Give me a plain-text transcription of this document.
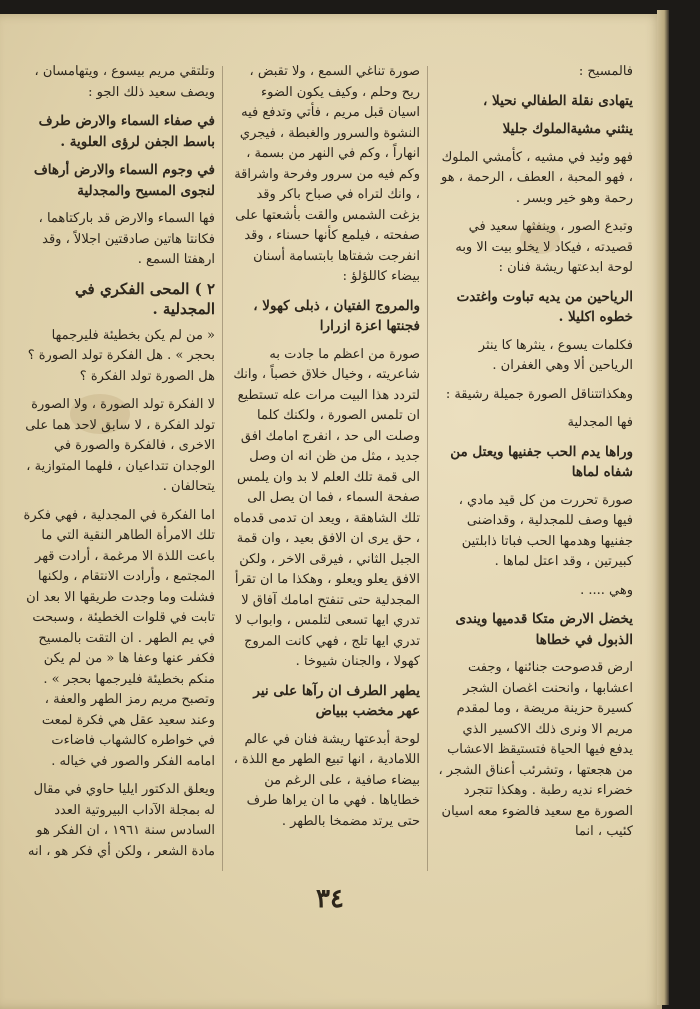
فالمسيح :

يتهادى نقلة الطفالي نحيلا ،

ينثني مشيةالملوك جليلا

فهو وئيد في مشيه ، كأمشي الملوك ، فهو المحبة ، العطف ، الرحمة ، هو رحمة وهو خير وبسر .

وتبدع الصور ، وينفثها سعيد في قصيدته ، فيكاد لا يخلو بيت الا وبه لوحة ابدعتها ريشة فنان :

الرياحين من يديه تباوت واغتدت خطوه اكليلا .

فكلمات يسوع ، ينثرها كا ينثر الرياحين ألا وهي الغفران .

وهكذاتتناقل الصورة جميلة رشيقة :

فها المجدلية

وراها يدم الحب جفنيها ويعتل من شفاه لماها

صورة تحررت من كل قيد مادي ، فيها وصف للمجدلية ، وقداضنى جفنيها وهدمها الحب فباتا ذابلتين كبيرتين ، وقد اعتل لماها .

وهي .... .

يخضل الارض متكا قدميها ويندى الذبول في خطاها

ارض قدصوحت جنائنها ، وجفت اعشابها ، وانحنت اغصان الشجر كسيرة حزينة مريضة ، وما لمقدم مريم الا ونرى ذلك الاكسير الذي يدفع فيها الحياة فتستيقظ الاعشاب من هجعتها ، وتشرئب أعناق الشجر ، خضراء نديه رطبة . وهكذا تتجرد الصورة مع سعيد فالضوء معه اسيان كئيب ، انما

صورة تناغي السمع ، ولا تقبض ، ريح وحلم ، وكيف يكون الضوء اسيان قبل مريم ، فأتي وتدفع فيه النشوة والسرور والغبطة ، فيجري انهاراً ، وكم في النهر من بسمة ، وكم فيه من سرور وفرحة واشراقة ، وانك لتراه في صباح باكر وقد بزغت الشمس والقت بأشعتها على صفحته ، فيلمع كأنها حسناء ، وقد انفرجت شفتاها بابتسامة أسنان بيضاء كاللؤلؤ :

والمروج الفتيان ، ذبلى كهولا ، فجنتها اعزة ازرارا

صورة من اعظم ما جادت به شاعريته ، وخيال خلاق خصباً ، وانك لتردد هذا البيت مرات عله تستطيع ان تلمس الصورة ، ولكنك كلما وصلت الى حد ، انفرج امامك افق جديد ، مثل من ظن انه ان وصل الى قمة تلك العلم لا بد وان يلمس صفحة السماء ، فما ان يصل الى تلك الشاهقة ، ويعد ان تدمى قدماه ، حق يرى ان الافق بعيد ، وان قمة الجبل الثاني ، فيرقى الاخر ، ولكن الافق يعلو ويعلو ، وهكذا ما ان تقرأ المجدلية حتى تنفتح امامك آفاق لا تدري ايها تسعى لتلمس ، وابواب لا تدري ايها تلج ، فهي كانت المروج كهولا ، والجنان شيوخا .

يطهر الطرف ان رآها على نير عهر مخضب ببياض

لوحة أبدعتها ريشة فنان في عالم اللامادية ، انها تبيع الطهر مع اللذة ، بيضاء صافية ، على الرغم من خطاياها . فهي ما ان يراها طرف حتى يرتد مضمخا بالطهر .

وتلتقي مريم بيسوع ، ويتهامسان ، ويصف سعيد ذلك الجو :

في صفاء السماء والارض طرف باسط الجفن لرؤى العلوية .

في وجوم السماء والارض أرهاف لنجوى المسيح والمجدلية

فها السماء والارض قد باركتاهما ، فكانتا هاتين صادقتين اجلالاً ، وقد ارهفتا السمع .

٢ ) المحى الفكري في المجدلية .

« من لم يكن بخطيئة فليرجمها بحجر » . هل الفكرة تولد الصورة ؟ هل الصورة تولد الفكرة ؟

لا الفكرة تولد الصورة ، ولا الصورة تولد الفكرة ، لا سابق لاحد هما على الاخرى ، فالفكرة والصورة في الوجدان تتداعيان ، فلهما المتوازية ، يتحالفان .

اما الفكرة في المجدلية ، فهي فكرة تلك الامرأة الطاهر النقية التي ما باعت اللذة الا مرغمة ، أرادت قهر المجتمع ، وأرادت الانتقام ، ولكنها فشلت وما وجدت طريقها الا بعد ان تابت في قلوات الخطيئة ، وسبحت في يم الطهر . ان التقت بالمسيح فكفر عنها وعفا ها « من لم يكن منكم بخطيئة فليرجمها بحجر » . وتصبح مريم رمز الطهر والعفة ، وعند سعيد عقل هي فكرة لمعت في خواطره كالشهاب فاضاءت امامه الفكر والصور في خياله .

ويعلق الدكتور ايليا حاوي في مقال له بمجلة الآداب البيروتية العدد السادس سنة ١٩٦١ ، ان الفكر هو مادة الشعر ، ولكن أي فكر هو ، انه

٣٤
